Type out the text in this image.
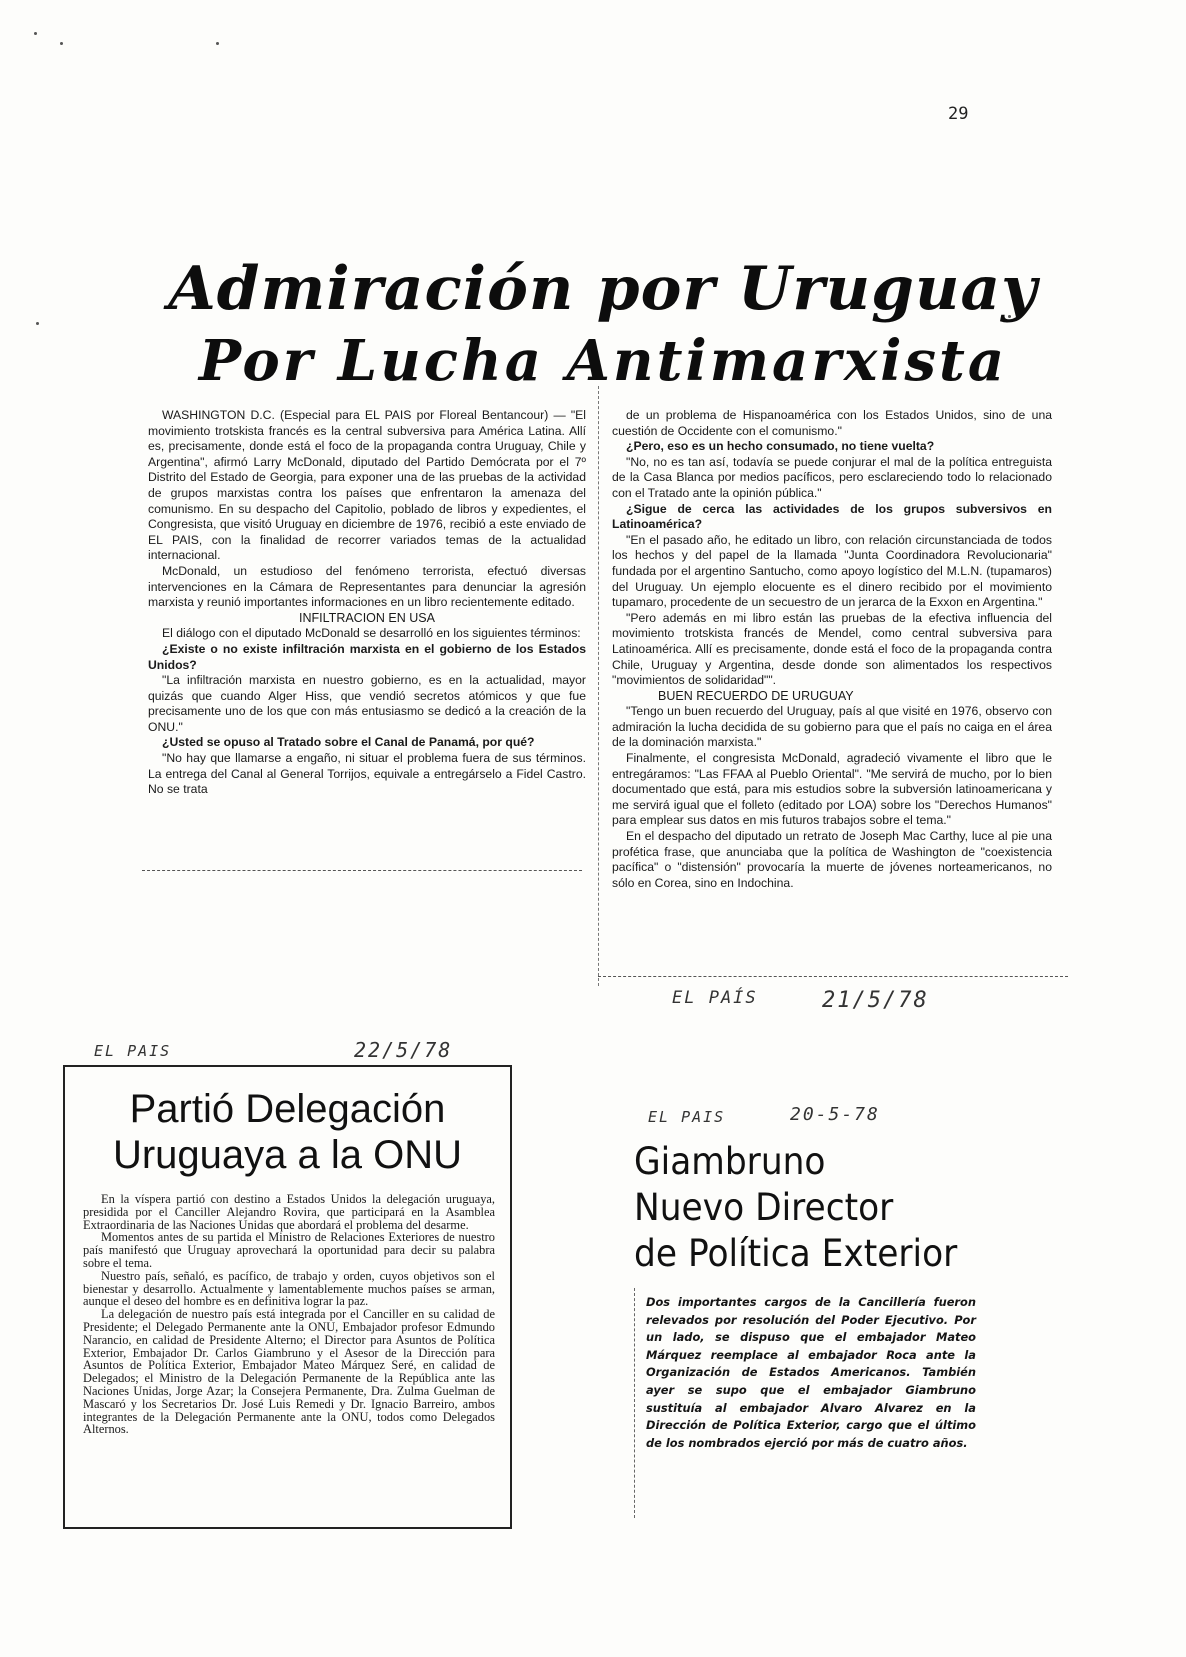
29
Admiración por Uruguay
Por Lucha Antimarxista

WASHINGTON D.C. (Especial para EL PAIS por Floreal Bentancour) — "El movimiento trotskista francés es la central subversiva para América Latina. Allí es, precisamente, donde está el foco de la propaganda contra Uruguay, Chile y Argentina", afirmó Larry McDonald, diputado del Partido Demócrata por el 7º Distrito del Estado de Georgia, para exponer una de las pruebas de la actividad de grupos marxistas contra los países que enfrentaron la amenaza del comunismo. En su despacho del Capitolio, poblado de libros y expedientes, el Congresista, que visitó Uruguay en diciembre de 1976, recibió a este enviado de EL PAIS, con la finalidad de recorrer variados temas de la actualidad internacional.

McDonald, un estudioso del fenómeno terrorista, efectuó diversas intervenciones en la Cámara de Representantes para denunciar la agresión marxista y reunió importantes informaciones en un libro recientemente editado.

INFILTRACION EN USA

El diálogo con el diputado McDonald se desarrolló en los siguientes términos:

¿Existe o no existe infiltración marxista en el gobierno de los Estados Unidos?

"La infiltración marxista en nuestro gobierno, es en la actualidad, mayor quizás que cuando Alger Hiss, que vendió secretos atómicos y que fue precisamente uno de los que con más entusiasmo se dedicó a la creación de la ONU."

¿Usted se opuso al Tratado sobre el Canal de Panamá, por qué?

"No hay que llamarse a engaño, ni situar el problema fuera de sus términos. La entrega del Canal al General Torrijos, equivale a entregárselo a Fidel Castro. No se trata

de un problema de Hispanoamérica con los Estados Unidos, sino de una cuestión de Occidente con el comunismo."

¿Pero, eso es un hecho consumado, no tiene vuelta?

"No, no es tan así, todavía se puede conjurar el mal de la política entreguista de la Casa Blanca por medios pacíficos, pero esclareciendo todo lo relacionado con el Tratado ante la opinión pública."

¿Sigue de cerca las actividades de los grupos subversivos en Latinoamérica?

"En el pasado año, he editado un libro, con relación circunstanciada de todos los hechos y del papel de la llamada "Junta Coordinadora Revolucionaria" fundada por el argentino Santucho, como apoyo logístico del M.L.N. (tupamaros) del Uruguay. Un ejemplo elocuente es el dinero recibido por el movimiento tupamaro, procedente de un secuestro de un jerarca de la Exxon en Argentina."

"Pero además en mi libro están las pruebas de la efectiva influencia del movimiento trotskista francés de Mendel, como central subversiva para Latinoamérica. Allí es precisamente, donde está el foco de la propaganda contra Chile, Uruguay y Argentina, desde donde son alimentados los respectivos "movimientos de solidaridad"".

BUEN RECUERDO DE URUGUAY

"Tengo un buen recuerdo del Uruguay, país al que visité en 1976, observo con admiración la lucha decidida de su gobierno para que el país no caiga en el área de la dominación marxista."

Finalmente, el congresista McDonald, agradeció vivamente el libro que le entregáramos: "Las FFAA al Pueblo Oriental". "Me servirá de mucho, por lo bien documentado que está, para mis estudios sobre la subversión latinoamericana y me servirá igual que el folleto (editado por LOA) sobre los "Derechos Humanos" para emplear sus datos en mis futuros trabajos sobre el tema."

En el despacho del diputado un retrato de Joseph Mac Carthy, luce al pie una profética frase, que anunciaba que la política de Washington de "coexistencia pacífica" o "distensión" provocaría la muerte de jóvenes norteamericanos, no sólo en Corea, sino en Indochina.

EL PAÍS	21/5/78
EL PAIS	22/5/78
Partió Delegación
Uruguaya a la ONU

En la víspera partió con destino a Estados Unidos la delegación uruguaya, presidida por el Canciller Alejandro Rovira, que participará en la Asamblea Extraordinaria de las Naciones Unidas que abordará el problema del desarme.

Momentos antes de su partida el Ministro de Relaciones Exteriores de nuestro país manifestó que Uruguay aprovechará la oportunidad para decir su palabra sobre el tema.

Nuestro país, señaló, es pacífico, de trabajo y orden, cuyos objetivos son el bienestar y desarrollo. Actualmente y lamentablemente muchos países se arman, aunque el deseo del hombre es en definitiva lograr la paz.

La delegación de nuestro país está integrada por el Canciller en su calidad de Presidente; el Delegado Permanente ante la ONU, Embajador profesor Edmundo Narancio, en calidad de Presidente Alterno; el Director para Asuntos de Política Exterior, Embajador Dr. Carlos Giambruno y el Asesor de la Dirección para Asuntos de Política Exterior, Embajador Mateo Márquez Seré, en calidad de Delegados; el Ministro de la Delegación Permanente de la República ante las Naciones Unidas, Jorge Azar; la Consejera Permanente, Dra. Zulma Guelman de Mascaró y los Secretarios Dr. José Luis Remedi y Dr. Ignacio Barreiro, ambos integrantes de la Delegación Permanente ante la ONU, todos como Delegados Alternos.

EL PAIS	20-5-78
Giambruno
Nuevo Director
de Política Exterior

Dos importantes cargos de la Cancillería fueron relevados por resolución del Poder Ejecutivo. Por un lado, se dispuso que el embajador Mateo Márquez reemplace al embajador Roca ante la Organización de Estados Americanos. También ayer se supo que el embajador Giambruno sustituía al embajador Alvaro Alvarez en la Dirección de Política Exterior, cargo que el último de los nombrados ejerció por más de cuatro años.
